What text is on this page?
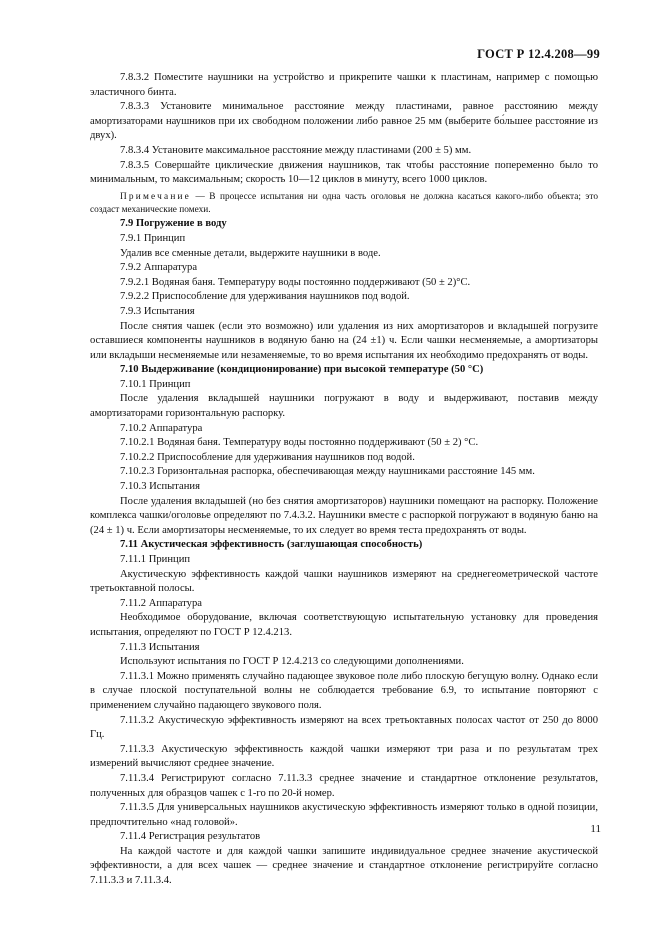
ГОСТ Р 12.4.208—99

7.8.3.2 Поместите наушники на устройство и прикрепите чашки к пластинам, например с помощью эластичного бинта.

7.8.3.3 Установите минимальное расстояние между пластинами, равное расстоянию между амортизаторами наушников при их свободном положении либо равное 25 мм (выберите бо́льшее расстояние из двух).

7.8.3.4 Установите максимальное расстояние между пластинами (200 ± 5) мм.

7.8.3.5 Совершайте циклические движения наушников, так чтобы расстояние попеременно было то минимальным, то максимальным; скорость 10—12 циклов в минуту, всего 1000 циклов.

Примечание — В процессе испытания ни одна часть оголовья не должна касаться какого-либо объекта; это создаст механические помехи.

7.9 Погружение в воду

7.9.1 Принцип

Удалив все сменные детали, выдержите наушники в воде.

7.9.2 Аппаратура

7.9.2.1 Водяная баня. Температуру воды постоянно поддерживают (50 ± 2)°С.

7.9.2.2 Приспособление для удерживания наушников под водой.

7.9.3 Испытания

После снятия чашек (если это возможно) или удаления из них амортизаторов и вкладышей погрузите оставшиеся компоненты наушников в водяную баню на (24 ±1) ч. Если чашки несменяемые, а амортизаторы или вкладыши несменяемые или незаменяемые, то во время испытания их необходимо предохранять от воды.

7.10 Выдерживание (кондиционирование) при высокой температуре (50 °С)

7.10.1 Принцип

После удаления вкладышей наушники погружают в воду и выдерживают, поставив между амортизаторами горизонтальную распорку.

7.10.2 Аппаратура

7.10.2.1 Водяная баня. Температуру воды постоянно поддерживают (50 ± 2) °С.

7.10.2.2 Приспособление для удерживания наушников под водой.

7.10.2.3 Горизонтальная распорка, обеспечивающая между наушниками расстояние 145 мм.

7.10.3 Испытания

После удаления вкладышей (но без снятия амортизаторов) наушники помещают на распорку. Положение комплекса чашки/оголовье определяют по 7.4.3.2. Наушники вместе с распоркой погружают в водяную баню на (24 ± 1) ч. Если амортизаторы несменяемые, то их следует во время теста предохранять от воды.

7.11 Акустическая эффективность (заглушающая способность)

7.11.1 Принцип

Акустическую эффективность каждой чашки наушников измеряют на среднегеометрической частоте третьоктавной полосы.

7.11.2 Аппаратура

Необходимое оборудование, включая соответствующую испытательную установку для проведения испытания, определяют по ГОСТ Р 12.4.213.

7.11.3 Испытания

Используют испытания по ГОСТ Р 12.4.213 со следующими дополнениями.

7.11.3.1 Можно применять случайно падающее звуковое поле либо плоскую бегущую волну. Однако если в случае плоской поступательной волны не соблюдается требование 6.9, то испытание повторяют с применением случайно падающего звукового поля.

7.11.3.2 Акустическую эффективность измеряют на всех третьоктавных полосах частот от 250 до 8000 Гц.

7.11.3.3 Акустическую эффективность каждой чашки измеряют три раза и по результатам трех измерений вычисляют среднее значение.

7.11.3.4 Регистрируют согласно 7.11.3.3 среднее значение и стандартное отклонение результатов, полученных для образцов чашек с 1-го по 20-й номер.

7.11.3.5 Для универсальных наушников акустическую эффективность измеряют только в одной позиции, предпочтительно «над головой».

7.11.4 Регистрация результатов

На каждой частоте и для каждой чашки запишите индивидуальное среднее значение акустической эффективности, а для всех чашек — среднее значение и стандартное отклонение регистрируйте согласно 7.11.3.3 и 7.11.3.4.

11
